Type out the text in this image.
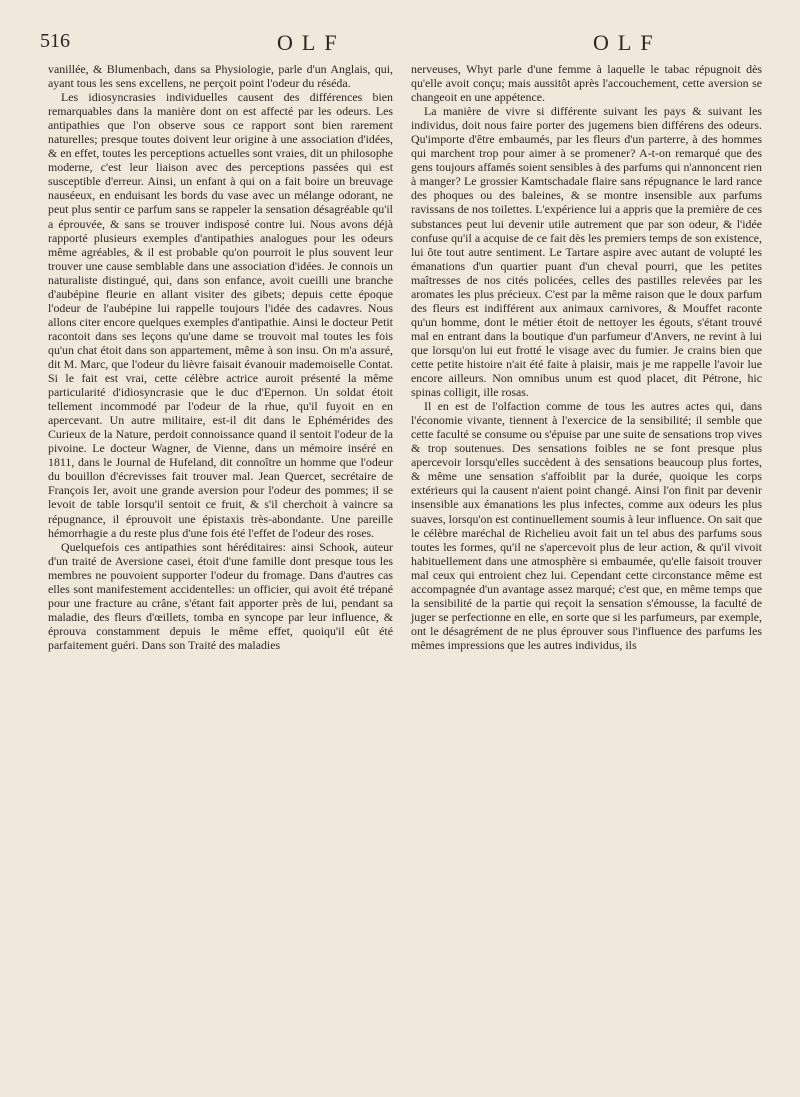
516	OLF	OLF

vanillée, & Blumenbach, dans sa Physiologie, parle d'un Anglais, qui, ayant tous les sens excellens, ne perçoit point l'odeur du réséda.

Les idiosyncrasies individuelles causent des différences bien remarquables dans la manière dont on est affecté par les odeurs. Les antipathies que l'on observe sous ce rapport sont bien rarement naturelles; presque toutes doivent leur origine à une association d'idées, & en effet, toutes les perceptions actuelles sont vraies, dit un philosophe moderne, c'est leur liaison avec des perceptions passées qui est susceptible d'erreur. Ainsi, un enfant à qui on a fait boire un breuvage nauséeux, en enduisant les bords du vase avec un mélange odorant, ne peut plus sentir ce parfum sans se rappeler la sensation désagréable qu'il a éprouvée, & sans se trouver indisposé contre lui. Nous avons déjà rapporté plusieurs exemples d'antipathies analogues pour les odeurs même agréables, & il est probable qu'on pourroit le plus souvent leur trouver une cause semblable dans une association d'idées. Je connois un naturaliste distingué, qui, dans son enfance, avoit cueilli une branche d'aubépine fleurie en allant visiter des gibets; depuis cette époque l'odeur de l'aubépine lui rappelle toujours l'idée des cadavres. Nous allons citer encore quelques exemples d'antipathie. Ainsi le docteur Petit racontoit dans ses leçons qu'une dame se trouvoit mal toutes les fois qu'un chat étoit dans son appartement, même à son insu. On m'a assuré, dit M. Marc, que l'odeur du lièvre faisait évanouir mademoiselle Contat. Si le fait est vrai, cette célèbre actrice auroit présenté la même particularité d'idiosyncrasie que le duc d'Epernon. Un soldat étoit tellement incommodé par l'odeur de la rhue, qu'il fuyoit en en apercevant. Un autre militaire, est-il dit dans le Ephémérides des Curieux de la Nature, perdoit connoissance quand il sentoit l'odeur de la pivoine. Le docteur Wagner, de Vienne, dans un mémoire inséré en 1811, dans le Journal de Hufeland, dit connoître un homme que l'odeur du bouillon d'écrevisses fait trouver mal. Jean Quercet, secrétaire de François Ier, avoit une grande aversion pour l'odeur des pommes; il se levoit de table lorsqu'il sentoit ce fruit, & s'il cherchoit à vaincre sa répugnance, il éprouvoit une épistaxis très-abondante. Une pareille hémorrhagie a du reste plus d'une fois été l'effet de l'odeur des roses.

Quelquefois ces antipathies sont héréditaires: ainsi Schook, auteur d'un traité de Aversione casei, étoit d'une famille dont presque tous les membres ne pouvoient supporter l'odeur du fromage. Dans d'autres cas elles sont manifestement accidentelles: un officier, qui avoit été trépané pour une fracture au crâne, s'étant fait apporter près de lui, pendant sa maladie, des fleurs d'œillets, tomba en syncope par leur influence, & éprouva constamment depuis le même effet, quoiqu'il eût été parfaitement guéri. Dans son Traité des maladies

nerveuses, Whyt parle d'une femme à laquelle le tabac répugnoit dès qu'elle avoit conçu; mais aussitôt après l'accouchement, cette aversion se changeoit en une appétence.

La manière de vivre si différente suivant les pays & suivant les individus, doit nous faire porter des jugemens bien différens des odeurs. Qu'importe d'être embaumés, par les fleurs d'un parterre, à des hommes qui marchent trop pour aimer à se promener? A-t-on remarqué que des gens toujours affamés soient sensibles à des parfums qui n'annoncent rien à manger? Le grossier Kamtschadale flaire sans répugnance le lard rance des phoques ou des baleines, & se montre insensible aux parfums ravissans de nos toilettes. L'expérience lui a appris que la première de ces substances peut lui devenir utile autrement que par son odeur, & l'idée confuse qu'il a acquise de ce fait dès les premiers temps de son existence, lui ôte tout autre sentiment. Le Tartare aspire avec autant de volupté les émanations d'un quartier puant d'un cheval pourri, que les petites maîtresses de nos cités policées, celles des pastilles relevées par les aromates les plus précieux. C'est par la même raison que le doux parfum des fleurs est indifférent aux animaux carnivores, & Mouffet raconte qu'un homme, dont le métier étoit de nettoyer les égouts, s'étant trouvé mal en entrant dans la boutique d'un parfumeur d'Anvers, ne revint à lui que lorsqu'on lui eut frotté le visage avec du fumier. Je crains bien que cette petite histoire n'ait été faite à plaisir, mais je me rappelle l'avoir lue encore ailleurs. Non omnibus unum est quod placet, dit Pétrone, hic spinas colligit, ille rosas.

Il en est de l'olfaction comme de tous les autres actes qui, dans l'économie vivante, tiennent à l'exercice de la sensibilité; il semble que cette faculté se consume ou s'épuise par une suite de sensations trop vives & trop soutenues. Des sensations foibles ne se font presque plus apercevoir lorsqu'elles succèdent à des sensations beaucoup plus fortes, & même une sensation s'affoiblit par la durée, quoique les corps extérieurs qui la causent n'aient point changé. Ainsi l'on finit par devenir insensible aux émanations les plus infectes, comme aux odeurs les plus suaves, lorsqu'on est continuellement soumis à leur influence. On sait que le célèbre maréchal de Richelieu avoit fait un tel abus des parfums sous toutes les formes, qu'il ne s'apercevoit plus de leur action, & qu'il vivoit habituellement dans une atmosphère si embaumée, qu'elle faisoit trouver mal ceux qui entroient chez lui. Cependant cette circonstance même est accompagnée d'un avantage assez marqué; c'est que, en même temps que la sensibilité de la partie qui reçoit la sensation s'émousse, la faculté de juger se perfectionne en elle, en sorte que si les parfumeurs, par exemple, ont le désagrément de ne plus éprouver sous l'influence des parfums les mêmes impressions que les autres individus, ils
